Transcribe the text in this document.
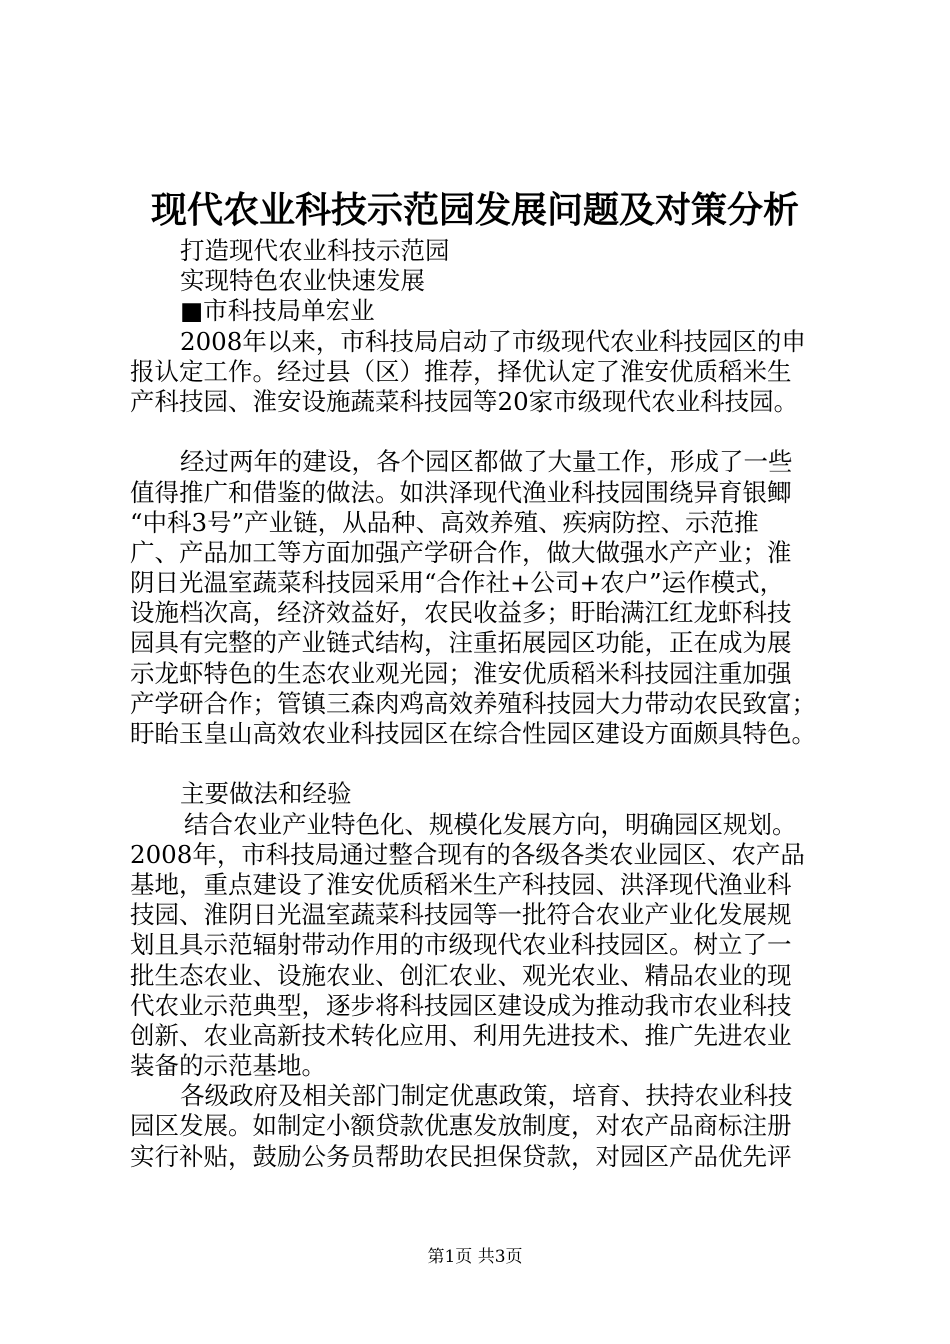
现代农业科技示范园发展问题及对策分析
打造现代农业科技示范园
实现特色农业快速发展
■市科技局单宏业
2008年以来，市科技局启动了市级现代农业科技园区的申
报认定工作。经过县（区）推荐，择优认定了淮安优质稻米生
产科技园、淮安设施蔬菜科技园等20家市级现代农业科技园。
经过两年的建设，各个园区都做了大量工作，形成了一些
值得推广和借鉴的做法。如洪泽现代渔业科技园围绕异育银鲫
“中科3号”产业链，从品种、高效养殖、疾病防控、示范推
广、产品加工等方面加强产学研合作，做大做强水产产业；淮
阴日光温室蔬菜科技园采用“合作社+公司+农户”运作模式，
设施档次高，经济效益好，农民收益多；盱眙满江红龙虾科技
园具有完整的产业链式结构，注重拓展园区功能，正在成为展
示龙虾特色的生态农业观光园；淮安优质稻米科技园注重加强
产学研合作；管镇三森肉鸡高效养殖科技园大力带动农民致富；
盱眙玉皇山高效农业科技园区在综合性园区建设方面颇具特色。
主要做法和经验
结合农业产业特色化、规模化发展方向，明确园区规划。
2008年，市科技局通过整合现有的各级各类农业园区、农产品
基地，重点建设了淮安优质稻米生产科技园、洪泽现代渔业科
技园、淮阴日光温室蔬菜科技园等一批符合农业产业化发展规
划且具示范辐射带动作用的市级现代农业科技园区。树立了一
批生态农业、设施农业、创汇农业、观光农业、精品农业的现
代农业示范典型，逐步将科技园区建设成为推动我市农业科技
创新、农业高新技术转化应用、利用先进技术、推广先进农业
装备的示范基地。
各级政府及相关部门制定优惠政策，培育、扶持农业科技
园区发展。如制定小额贷款优惠发放制度，对农产品商标注册
实行补贴，鼓励公务员帮助农民担保贷款，对园区产品优先评
第1页 共3页
